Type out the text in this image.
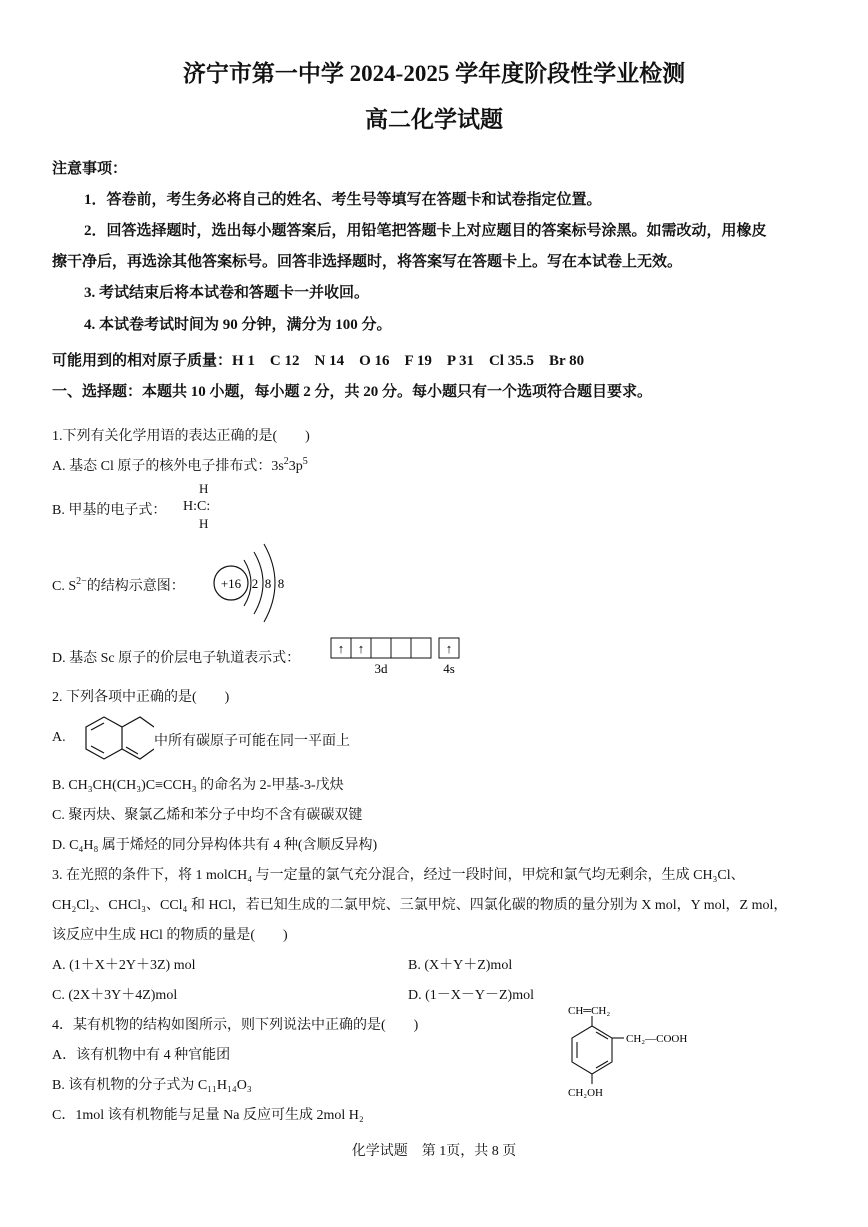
济宁市第一中学 2024-2025 学年度阶段性学业检测
高二化学试题
注意事项：
1．答卷前，考生务必将自己的姓名、考生号等填写在答题卡和试卷指定位置。
2．回答选择题时，选出每小题答案后，用铅笔把答题卡上对应题目的答案标号涂黑。如需改动，用橡皮
擦干净后，再选涂其他答案标号。回答非选择题时，将答案写在答题卡上。写在本试卷上无效。
3. 考试结束后将本试卷和答题卡一并收回。
4. 本试卷考试时间为 90 分钟，满分为 100 分。
可能用到的相对原子质量：H 1　C 12　N 14　O 16　F 19　P 31　Cl 35.5　Br 80
一、选择题：本题共 10 小题，每小题 2 分，共 20 分。每小题只有一个选项符合题目要求。
1.下列有关化学用语的表达正确的是(　　)
A. 基态 Cl 原子的核外电子排布式：$3s^23p^5$
B. 甲基的电子式：
H
H:C:
H
C. $S^{2-}$的结构示意图：	+16 2 8 8
D. 基态 Sc 原子的价层电子轨道表示式：
↑ ↑	↑
3d	4s
2. 下列各项中正确的是(　　)
A.	中所有碳原子可能在同一平面上
B. CH₃CH(CH₃)C≡CCH₃ 的命名为 2-甲基-3-戊炔
C. 聚丙炔、聚氯乙烯和苯分子中均不含有碳碳双键
D. C₄H₈ 属于烯烃的同分异构体共有 4 种(含顺反异构)
3. 在光照的条件下，将 1 molCH₄ 与一定量的氯气充分混合，经过一段时间，甲烷和氯气均无剩余，生成 CH₃Cl、
CH₂Cl₂、CHCl₃、CCl₄ 和 HCl，若已知生成的二氯甲烷、三氯甲烷、四氯化碳的物质的量分别为 X mol，Y mol，Z mol，
该反应中生成 HCl 的物质的量是(　　)
A. (1＋X＋2Y＋3Z) mol	B. (X＋Y＋Z)mol
C. (2X＋3Y＋4Z)mol	D. (1－X－Y－Z)mol
4．某有机物的结构如图所示，则下列说法中正确的是(　　)
A．该有机物中有 4 种官能团
B. 该有机物的分子式为 C₁₁H₁₄O₃
C．1mol 该有机物能与足量 Na 反应可生成 2mol H₂
CH═CH₂
CH₂—COOH
CH₂OH
化学试题　第 1页，共 8 页
